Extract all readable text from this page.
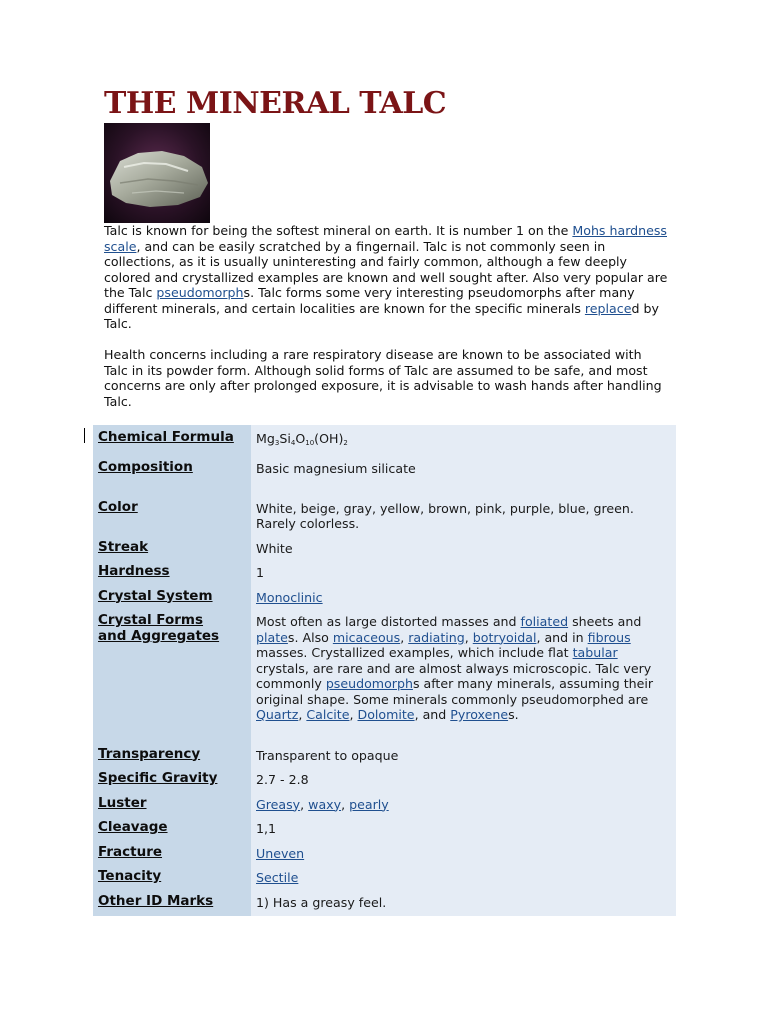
THE MINERAL TALC

Talc is known for being the softest mineral on earth. It is number 1 on the Mohs hardness scale, and can be easily scratched by a fingernail. Talc is not commonly seen in collections, as it is usually uninteresting and fairly common, although a few deeply colored and crystallized examples are known and well sought after. Also very popular are the Talc pseudomorphs. Talc forms some very interesting pseudomorphs after many different minerals, and certain localities are known for the specific minerals replaced by Talc.

Health concerns including a rare respiratory disease are known to be associated with Talc in its powder form. Although solid forms of Talc are assumed to be safe, and most concerns are only after prolonged exposure, it is advisable to wash hands after handling Talc.

Chemical Formula	$Mg_3Si_4O_{10}(OH)_2$
Composition	Basic magnesium silicate
Color	White, beige, gray, yellow, brown, pink, purple, blue, green. Rarely colorless.
Streak	White
Hardness	1
Crystal System	Monoclinic
Crystal Forms
and Aggregates	Most often as large distorted masses and foliated sheets and plates. Also micaceous, radiating, botryoidal, and in fibrous masses. Crystallized examples, which include flat tabular crystals, are rare and are almost always microscopic. Talc very commonly pseudomorphs after many minerals, assuming their original shape. Some minerals commonly pseudomorphed are Quartz, Calcite, Dolomite, and Pyroxenes.
Transparency	Transparent to opaque
Specific Gravity	2.7 - 2.8
Luster	Greasy, waxy, pearly
Cleavage	1,1
Fracture	Uneven
Tenacity	Sectile
Other ID Marks	1) Has a greasy feel.
